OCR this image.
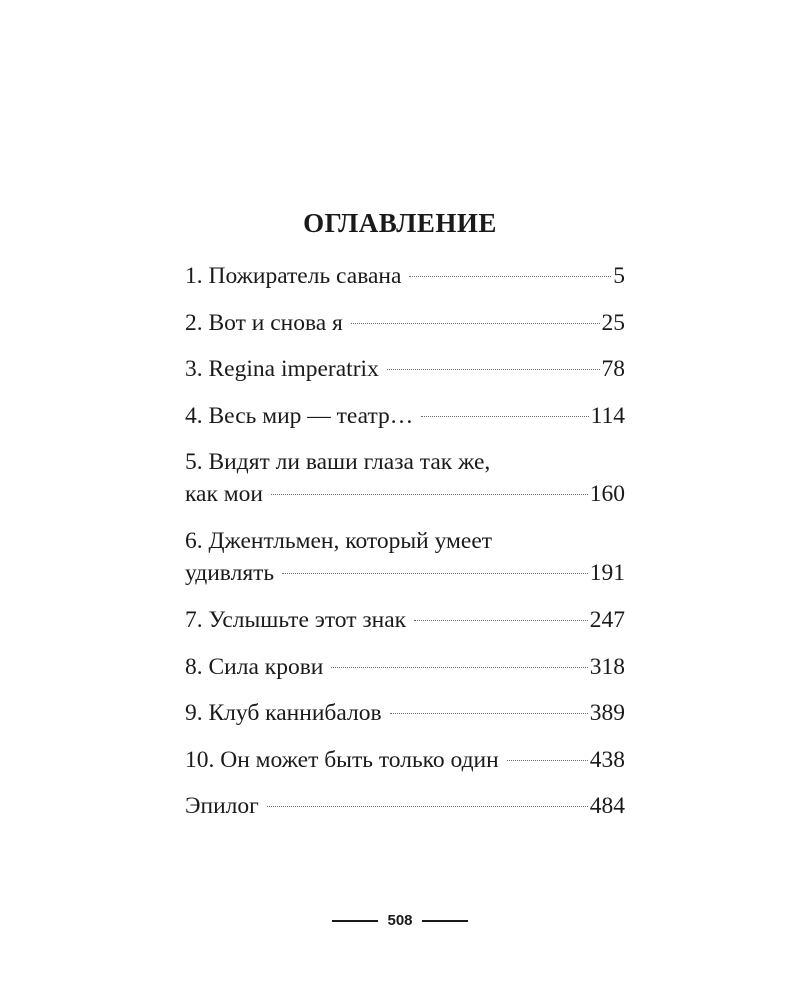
ОГЛАВЛЕНИЕ
1. Пожиратель савана	5
2. Вот и снова я	25
3. Regina imperatrix	78
4. Весь мир — театр…	114
5. Видят ли ваши глаза так же,
как мои	160
6. Джентльмен, который умеет
удивлять	191
7. Услышьте этот знак	247
8. Сила крови	318
9. Клуб каннибалов	389
10. Он может быть только один	438
Эпилог	484
508
